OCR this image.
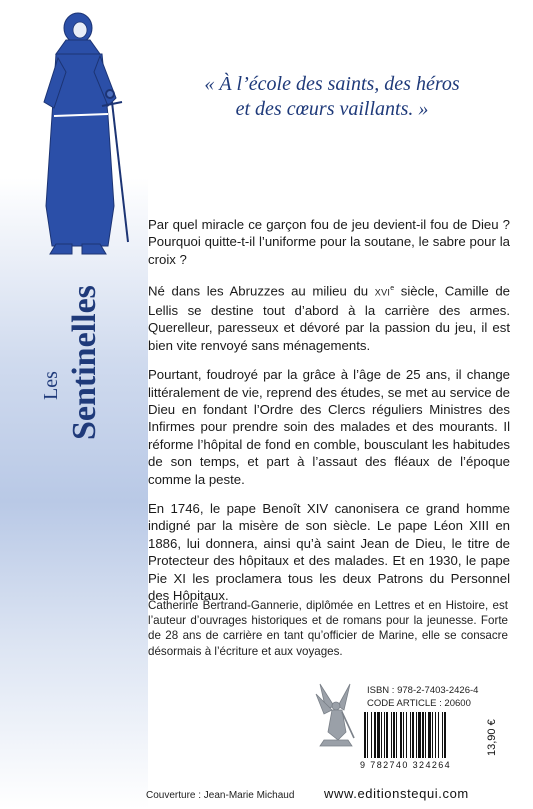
Les Sentinelles
« À l’école des saints, des héros
et des cœurs vaillants. »

Par quel miracle ce garçon fou de jeu devient-il fou de Dieu ? Pourquoi quitte-t-il l’uniforme pour la soutane, le sabre pour la croix ?

Né dans les Abruzzes au milieu du XVIe siècle, Camille de Lellis se destine tout d’abord à la carrière des armes. Querelleur, paresseux et dévoré par la passion du jeu, il est bien vite renvoyé sans ménagements.

Pourtant, foudroyé par la grâce à l’âge de 25 ans, il change littéralement de vie, reprend des études, se met au service de Dieu en fondant l’Ordre des Clercs réguliers Ministres des Infirmes pour prendre soin des malades et des mourants. Il réforme l’hôpital de fond en comble, bousculant les habitudes de son temps, et part à l’assaut des fléaux de l’époque comme la peste.

En 1746, le pape Benoît XIV canonisera ce grand homme indigné par la misère de son siècle. Le pape Léon XIII en 1886, lui donnera, ainsi qu’à saint Jean de Dieu, le titre de Protecteur des hôpitaux et des malades. Et en 1930, le pape Pie XI les proclamera tous les deux Patrons du Personnel des Hôpitaux.

Catherine Bertrand-Gannerie, diplômée en Lettres et en Histoire, est l’auteur d’ouvrages historiques et de romans pour la jeunesse. Forte de 28 ans de carrière en tant qu’officier de Marine, elle se consacre désormais à l’écriture et aux voyages.
ISBN : 978-2-7403-2426-4
CODE ARTICLE : 20600
9 782740 324264
13,90 €
Couverture : Jean-Marie Michaud www.editionstequi.com
